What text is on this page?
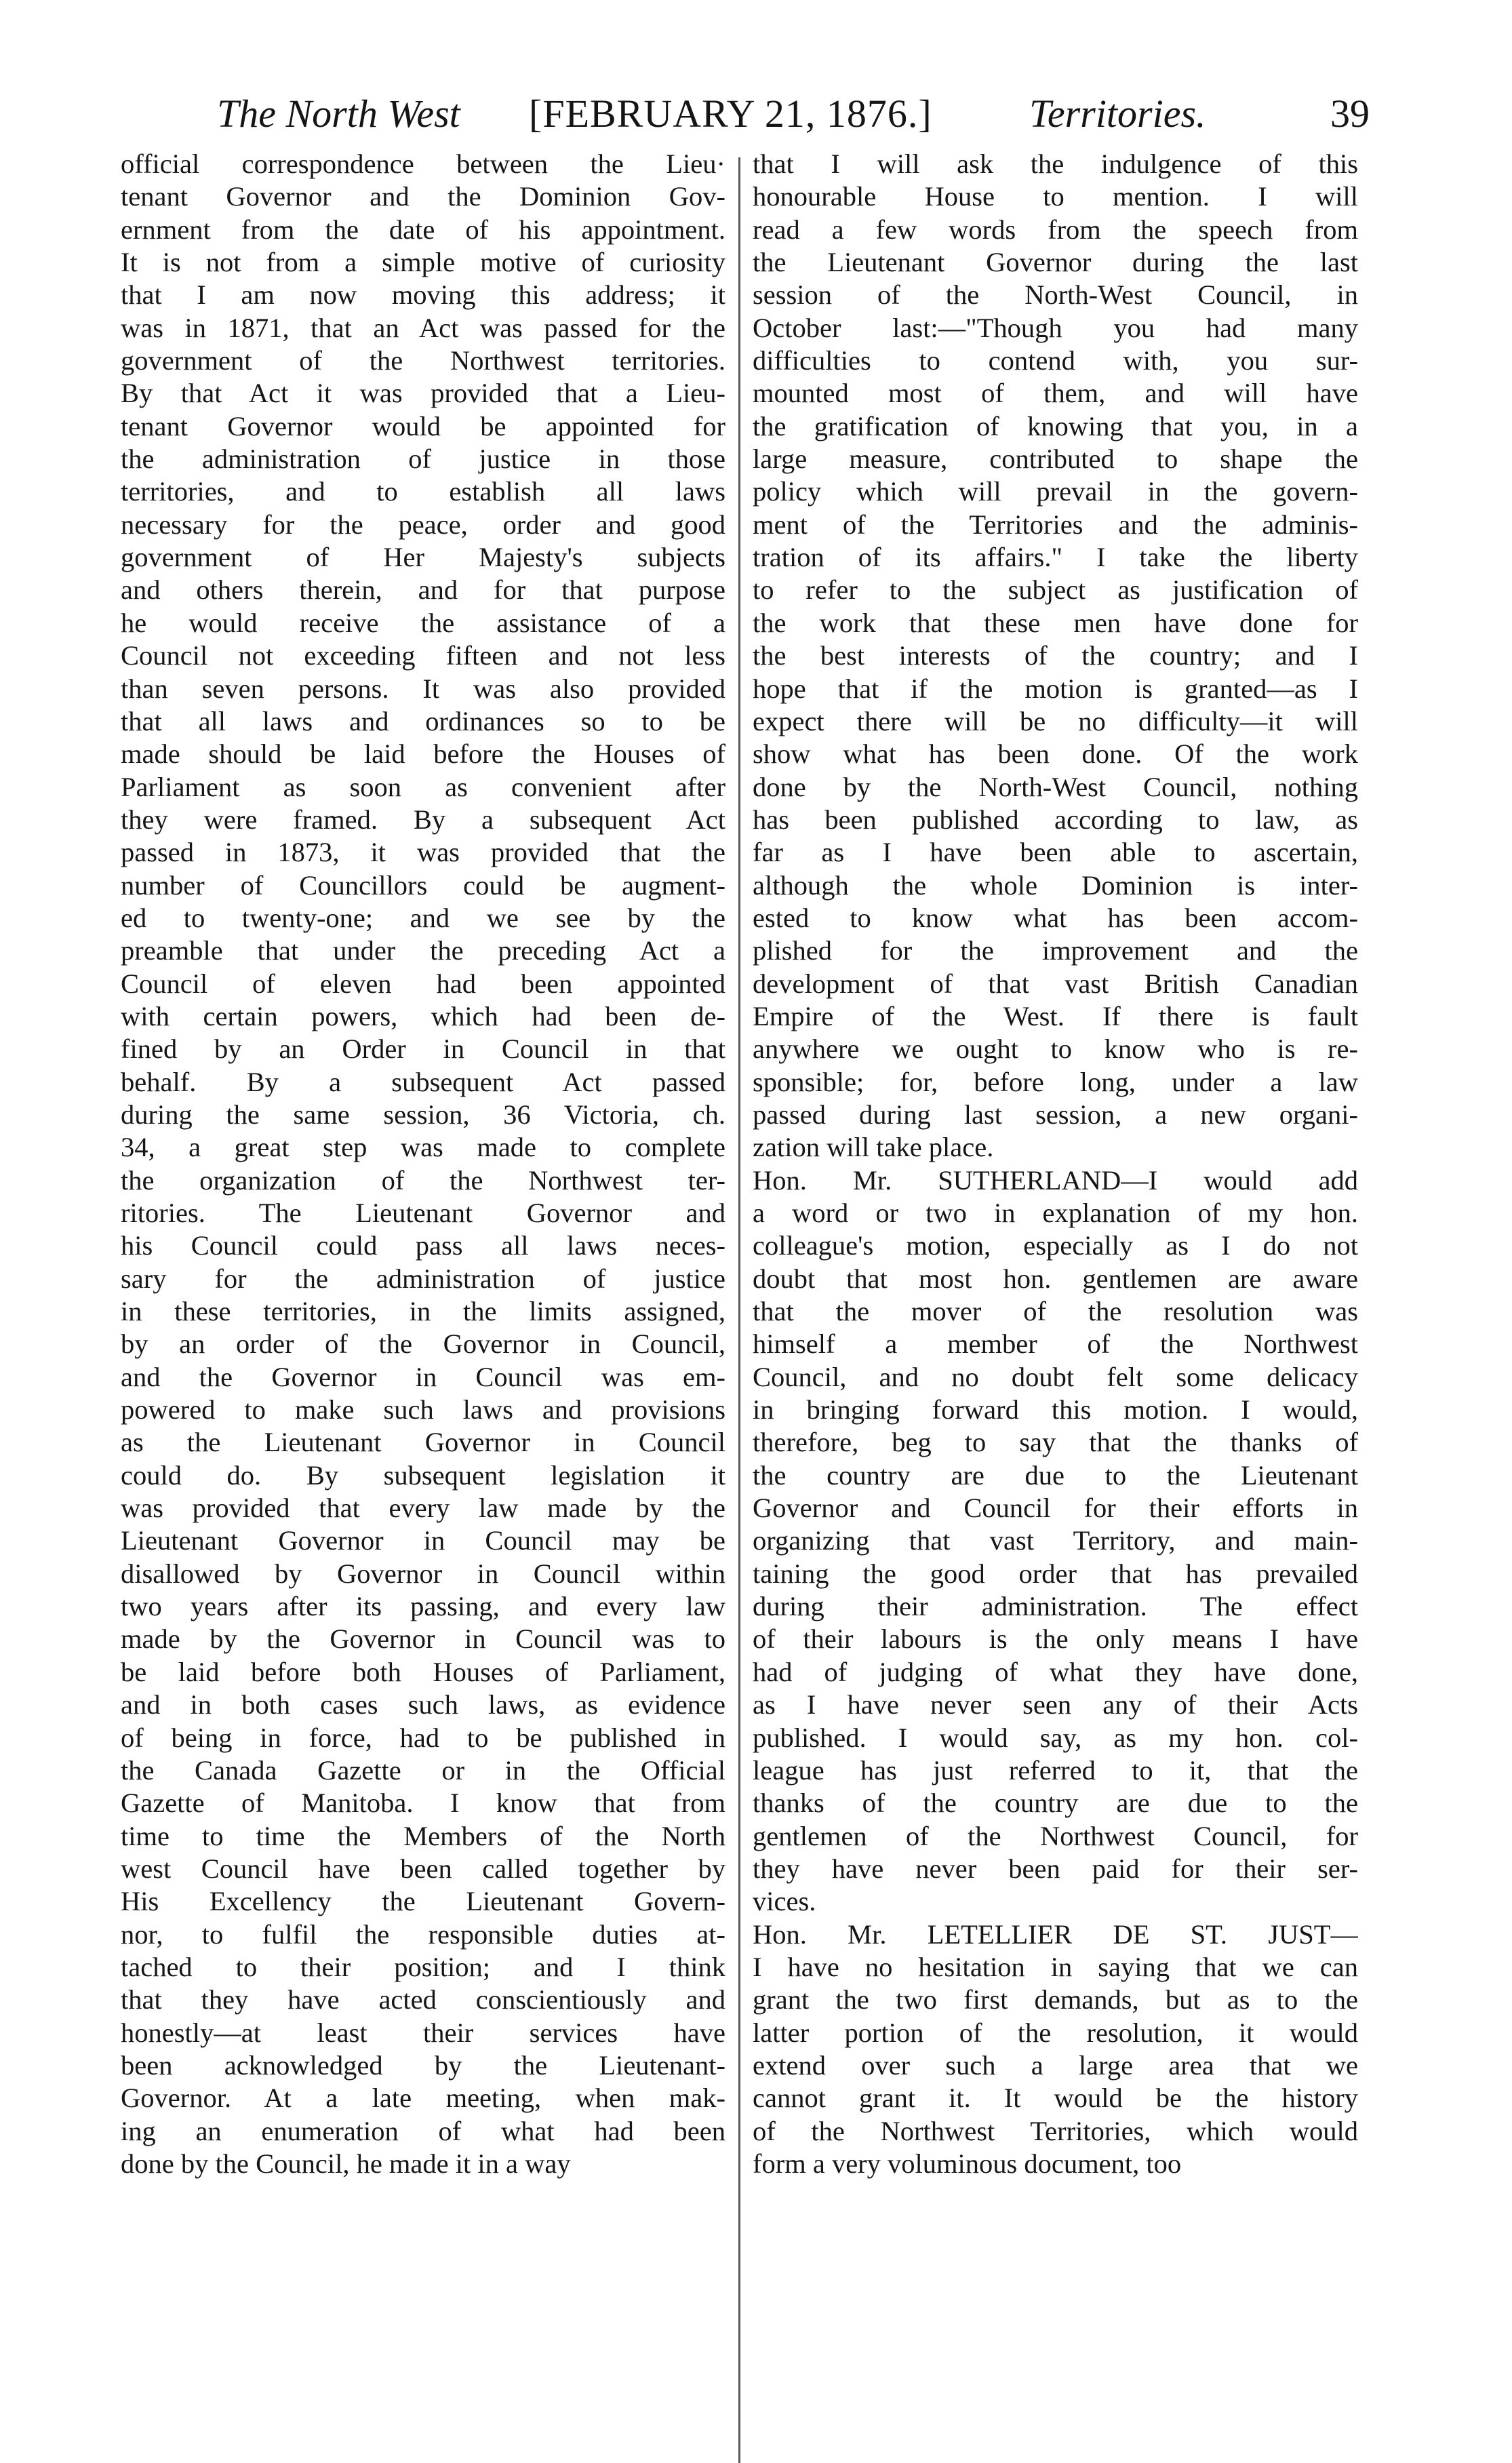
The North West [FEBRUARY 21, 1876.] Territories.	39
official correspondence between the Lieu·
tenant Governor and the Dominion Gov-
ernment from the date of his appointment.
It is not from a simple motive of curiosity
that I am now moving this address; it
was in 1871, that an Act was passed for the
government of the Northwest territories.
By that Act it was provided that a Lieu-
tenant Governor would be appointed for
the administration of justice in those
territories, and to establish all laws
necessary for the peace, order and good
government of Her Majesty's subjects
and others therein, and for that purpose
he would receive the assistance of a
Council not exceeding fifteen and not less
than seven persons. It was also provided
that all laws and ordinances so to be
made should be laid before the Houses of
Parliament as soon as convenient after
they were framed. By a subsequent Act
passed in 1873, it was provided that the
number of Councillors could be augment-
ed to twenty-one; and we see by the
preamble that under the preceding Act a
Council of eleven had been appointed
with certain powers, which had been de-
fined by an Order in Council in that
behalf. By a subsequent Act passed
during the same session, 36 Victoria, ch.
34, a great step was made to complete
the organization of the Northwest ter-
ritories. The Lieutenant Governor and
his Council could pass all laws neces-
sary for the administration of justice
in these territories, in the limits assigned,
by an order of the Governor in Council,
and the Governor in Council was em-
powered to make such laws and provisions
as the Lieutenant Governor in Council
could do. By subsequent legislation it
was provided that every law made by the
Lieutenant Governor in Council may be
disallowed by Governor in Council within
two years after its passing, and every law
made by the Governor in Council was to
be laid before both Houses of Parliament,
and in both cases such laws, as evidence
of being in force, had to be published in
the Canada Gazette or in the Official
Gazette of Manitoba. I know that from
time to time the Members of the North
west Council have been called together by
His Excellency the Lieutenant Govern-
nor, to fulfil the responsible duties at-
tached to their position; and I think
that they have acted conscientiously and
honestly—at least their services have
been acknowledged by the Lieutenant-
Governor. At a late meeting, when mak-
ing an enumeration of what had been
done by the Council, he made it in a way
that I will ask the indulgence of this
honourable House to mention. I will
read a few words from the speech from
the Lieutenant Governor during the last
session of the North-West Council, in
October last:—"Though you had many
difficulties to contend with, you sur-
mounted most of them, and will have
the gratification of knowing that you, in a
large measure, contributed to shape the
policy which will prevail in the govern-
ment of the Territories and the adminis-
tration of its affairs." I take the liberty
to refer to the subject as justification of
the work that these men have done for
the best interests of the country; and I
hope that if the motion is granted—as I
expect there will be no difficulty—it will
show what has been done. Of the work
done by the North-West Council, nothing
has been published according to law, as
far as I have been able to ascertain,
although the whole Dominion is inter-
ested to know what has been accom-
plished for the improvement and the
development of that vast British Canadian
Empire of the West. If there is fault
anywhere we ought to know who is re-
sponsible; for, before long, under a law
passed during last session, a new organi-
zation will take place.
Hon. Mr. SUTHERLAND—I would add
a word or two in explanation of my hon.
colleague's motion, especially as I do not
doubt that most hon. gentlemen are aware
that the mover of the resolution was
himself a member of the Northwest
Council, and no doubt felt some delicacy
in bringing forward this motion. I would,
therefore, beg to say that the thanks of
the country are due to the Lieutenant
Governor and Council for their efforts in
organizing that vast Territory, and main-
taining the good order that has prevailed
during their administration. The effect
of their labours is the only means I have
had of judging of what they have done,
as I have never seen any of their Acts
published. I would say, as my hon. col-
league has just referred to it, that the
thanks of the country are due to the
gentlemen of the Northwest Council, for
they have never been paid for their ser-
vices.
Hon. Mr. LETELLIER DE ST. JUST—
I have no hesitation in saying that we can
grant the two first demands, but as to the
latter portion of the resolution, it would
extend over such a large area that we
cannot grant it. It would be the history
of the Northwest Territories, which would
form a very voluminous document, too
